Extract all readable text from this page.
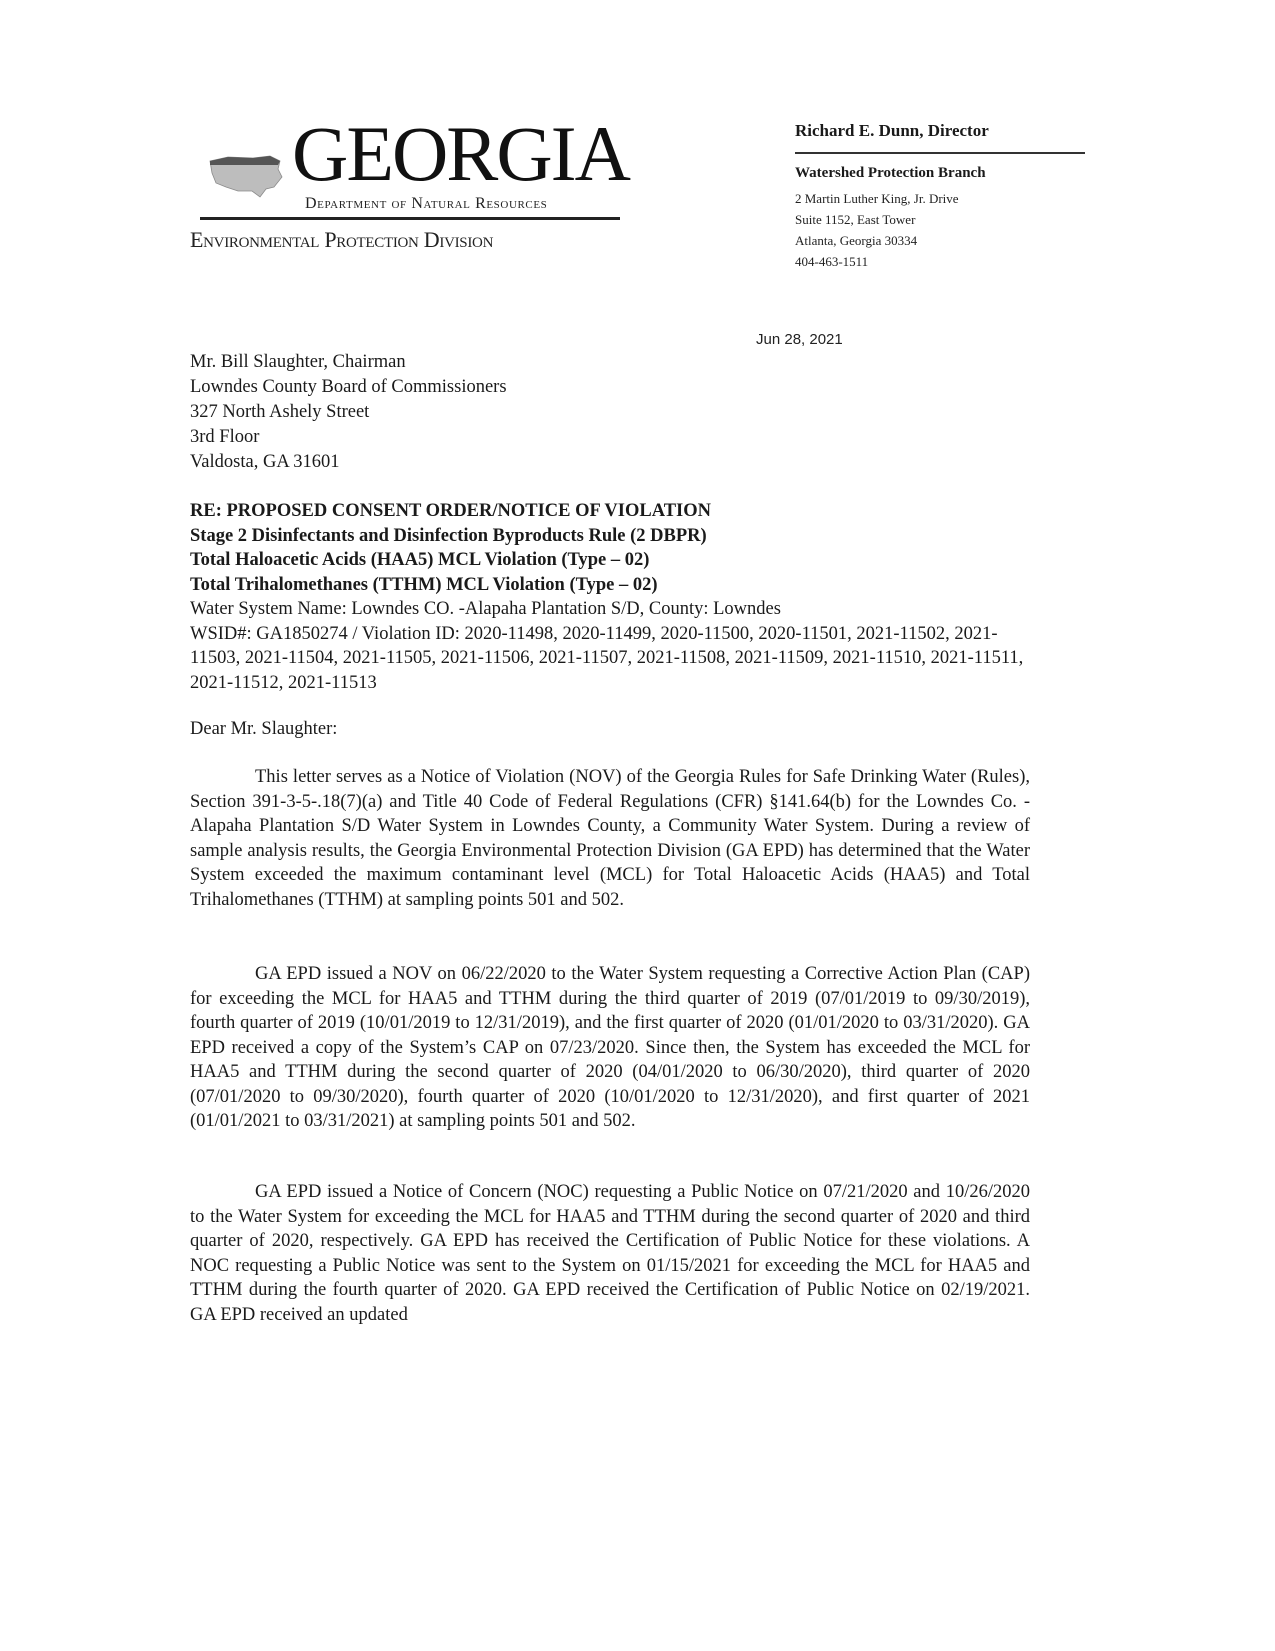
GEORGIA
Department of Natural Resources
Environmental Protection Division
Richard E. Dunn, Director
Watershed Protection Branch
2 Martin Luther King, Jr. Drive
Suite 1152, East Tower
Atlanta, Georgia 30334
404-463-1511
Jun 28, 2021
Mr. Bill Slaughter, Chairman
Lowndes County Board of Commissioners
327 North Ashely Street
3rd Floor
Valdosta, GA 31601
RE: PROPOSED CONSENT ORDER/NOTICE OF VIOLATION
Stage 2 Disinfectants and Disinfection Byproducts Rule (2 DBPR)
Total Haloacetic Acids (HAA5) MCL Violation (Type – 02)
Total Trihalomethanes (TTHM) MCL Violation (Type – 02)
Water System Name: Lowndes CO. -Alapaha Plantation S/D, County: Lowndes
WSID#: GA1850274 / Violation ID: 2020-11498, 2020-11499, 2020-11500, 2020-11501, 2021-11502, 2021-11503, 2021-11504, 2021-11505, 2021-11506, 2021-11507, 2021-11508, 2021-11509, 2021-11510, 2021-11511, 2021-11512, 2021-11513
Dear Mr. Slaughter:
This letter serves as a Notice of Violation (NOV) of the Georgia Rules for Safe Drinking Water (Rules), Section 391-3-5-.18(7)(a) and Title 40 Code of Federal Regulations (CFR) §141.64(b) for the Lowndes Co. -Alapaha Plantation S/D Water System in Lowndes County, a Community Water System. During a review of sample analysis results, the Georgia Environmental Protection Division (GA EPD) has determined that the Water System exceeded the maximum contaminant level (MCL) for Total Haloacetic Acids (HAA5) and Total Trihalomethanes (TTHM) at sampling points 501 and 502.
GA EPD issued a NOV on 06/22/2020 to the Water System requesting a Corrective Action Plan (CAP) for exceeding the MCL for HAA5 and TTHM during the third quarter of 2019 (07/01/2019 to 09/30/2019), fourth quarter of 2019 (10/01/2019 to 12/31/2019), and the first quarter of 2020 (01/01/2020 to 03/31/2020). GA EPD received a copy of the System’s CAP on 07/23/2020. Since then, the System has exceeded the MCL for HAA5 and TTHM during the second quarter of 2020 (04/01/2020 to 06/30/2020), third quarter of 2020 (07/01/2020 to 09/30/2020), fourth quarter of 2020 (10/01/2020 to 12/31/2020), and first quarter of 2021 (01/01/2021 to 03/31/2021) at sampling points 501 and 502.
GA EPD issued a Notice of Concern (NOC) requesting a Public Notice on 07/21/2020 and 10/26/2020 to the Water System for exceeding the MCL for HAA5 and TTHM during the second quarter of 2020 and third quarter of 2020, respectively. GA EPD has received the Certification of Public Notice for these violations. A NOC requesting a Public Notice was sent to the System on 01/15/2021 for exceeding the MCL for HAA5 and TTHM during the fourth quarter of 2020. GA EPD received the Certification of Public Notice on 02/19/2021. GA EPD received an updated
